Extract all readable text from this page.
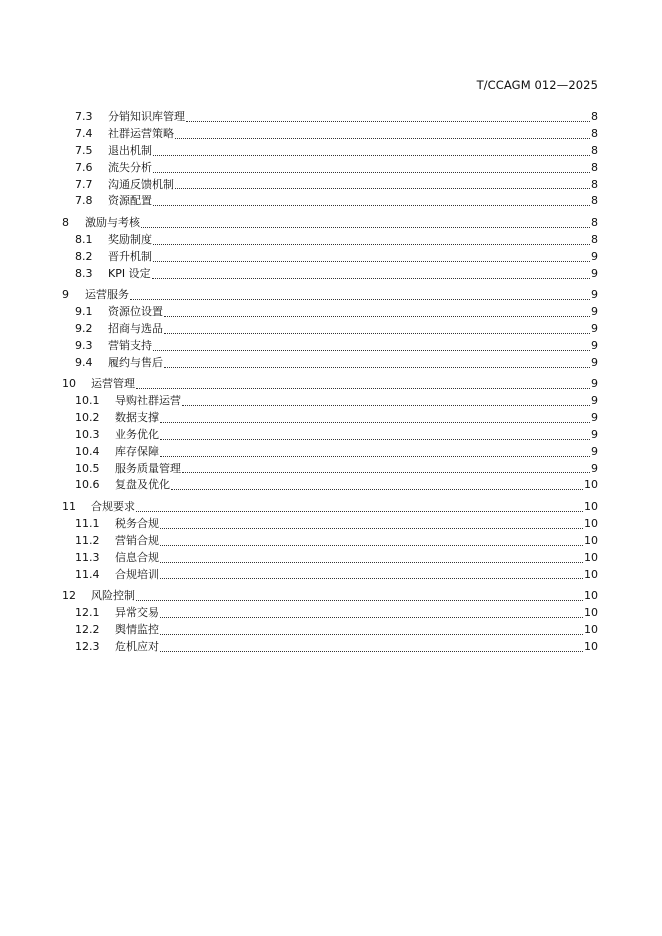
T/CCAGM 012—2025
7.3	分销知识库管理	8
7.4	社群运营策略	8
7.5	退出机制	8
7.6	流失分析	8
7.7	沟通反馈机制	8
7.8	资源配置	8
8	激励与考核	8
8.1	奖励制度	8
8.2	晋升机制	9
8.3	KPI 设定	9
9	运营服务	9
9.1	资源位设置	9
9.2	招商与选品	9
9.3	营销支持	9
9.4	履约与售后	9
10	运营管理	9
10.1	导购社群运营	9
10.2	数据支撑	9
10.3	业务优化	9
10.4	库存保障	9
10.5	服务质量管理	9
10.6	复盘及优化	10
11	合规要求	10
11.1	税务合规	10
11.2	营销合规	10
11.3	信息合规	10
11.4	合规培训	10
12	风险控制	10
12.1	异常交易	10
12.2	舆情监控	10
12.3	危机应对	10
